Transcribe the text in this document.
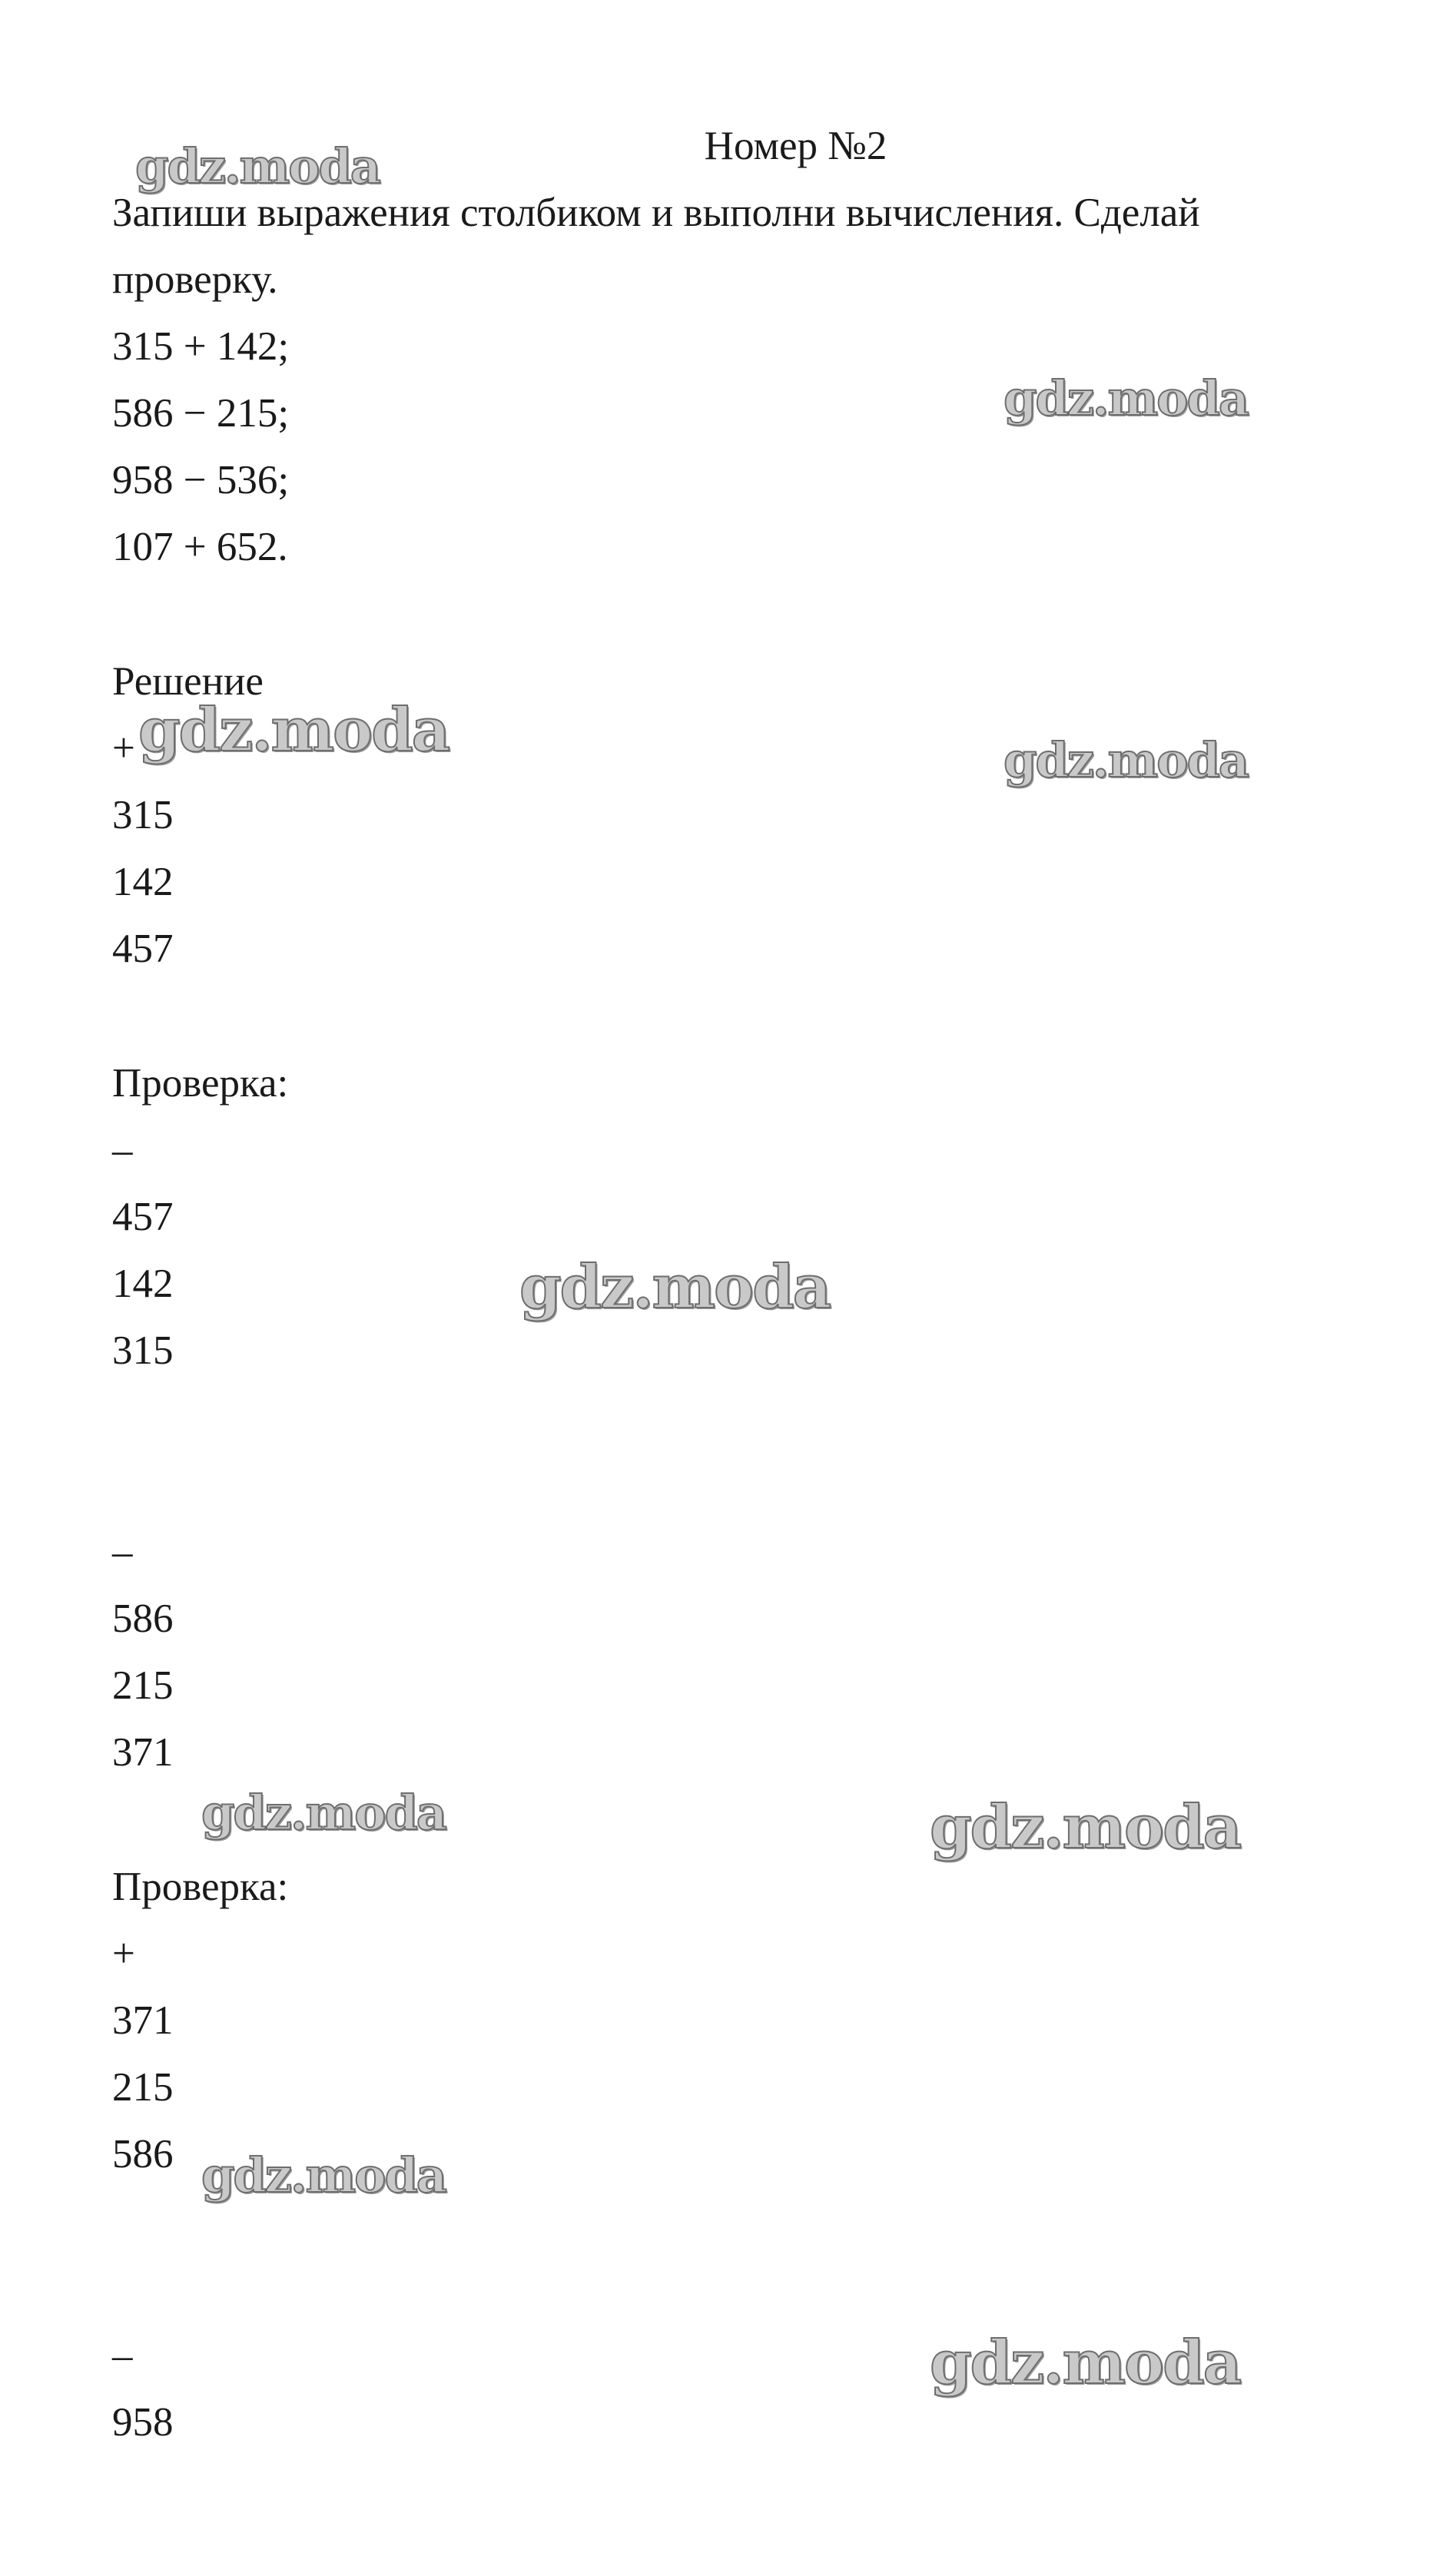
Номер №2
Запиши выражения столбиком и выполни вычисления. Сделай
проверку.
315 + 142;
586 − 215;
958 − 536;
107 + 652.
Решение
+
315
142
457
Проверка:
–
457
142
315
–
586
215
371
Проверка:
+
371
215
586
–
958
gdz.moda
gdz.moda
gdz.moda	gdz.moda
gdz.moda
gdz.moda	gdz.moda
gdz.moda
gdz.moda
